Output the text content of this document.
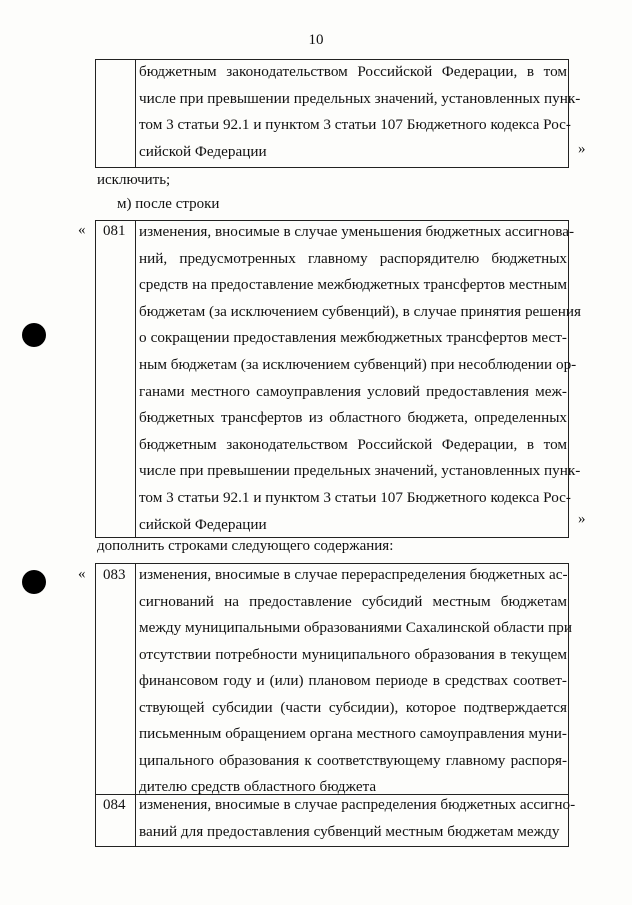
10
бюджетным законодательством Российской Федерации, в том
числе при превышении предельных значений, установленных пунк-
том 3 статьи 92.1 и пунктом 3 статьи 107 Бюджетного кодекса Рос-
сийской Федерации	»
исключить;
м) после строки
« 081 изменения, вносимые в случае уменьшения бюджетных ассигнова-
ний, предусмотренных главному распорядителю бюджетных
средств на предоставление межбюджетных трансфертов местным
бюджетам (за исключением субвенций), в случае принятия решения
о сокращении предоставления межбюджетных трансфертов мест-
ным бюджетам (за исключением субвенций) при несоблюдении ор-
ганами местного самоуправления условий предоставления меж-
бюджетных трансфертов из областного бюджета, определенных
бюджетным законодательством Российской Федерации, в том
числе при превышении предельных значений, установленных пунк-
том 3 статьи 92.1 и пунктом 3 статьи 107 Бюджетного кодекса Рос-
сийской Федерации	»
дополнить строками следующего содержания:
« 083 изменения, вносимые в случае перераспределения бюджетных ас-
сигнований на предоставление субсидий местным бюджетам
между муниципальными образованиями Сахалинской области при
отсутствии потребности муниципального образования в текущем
финансовом году и (или) плановом периоде в средствах соответ-
ствующей субсидии (части субсидии), которое подтверждается
письменным обращением органа местного самоуправления муни-
ципального образования к соответствующему главному распоря-
дителю средств областного бюджета
084 изменения, вносимые в случае распределения бюджетных ассигно-
ваний для предоставления субвенций местным бюджетам между
